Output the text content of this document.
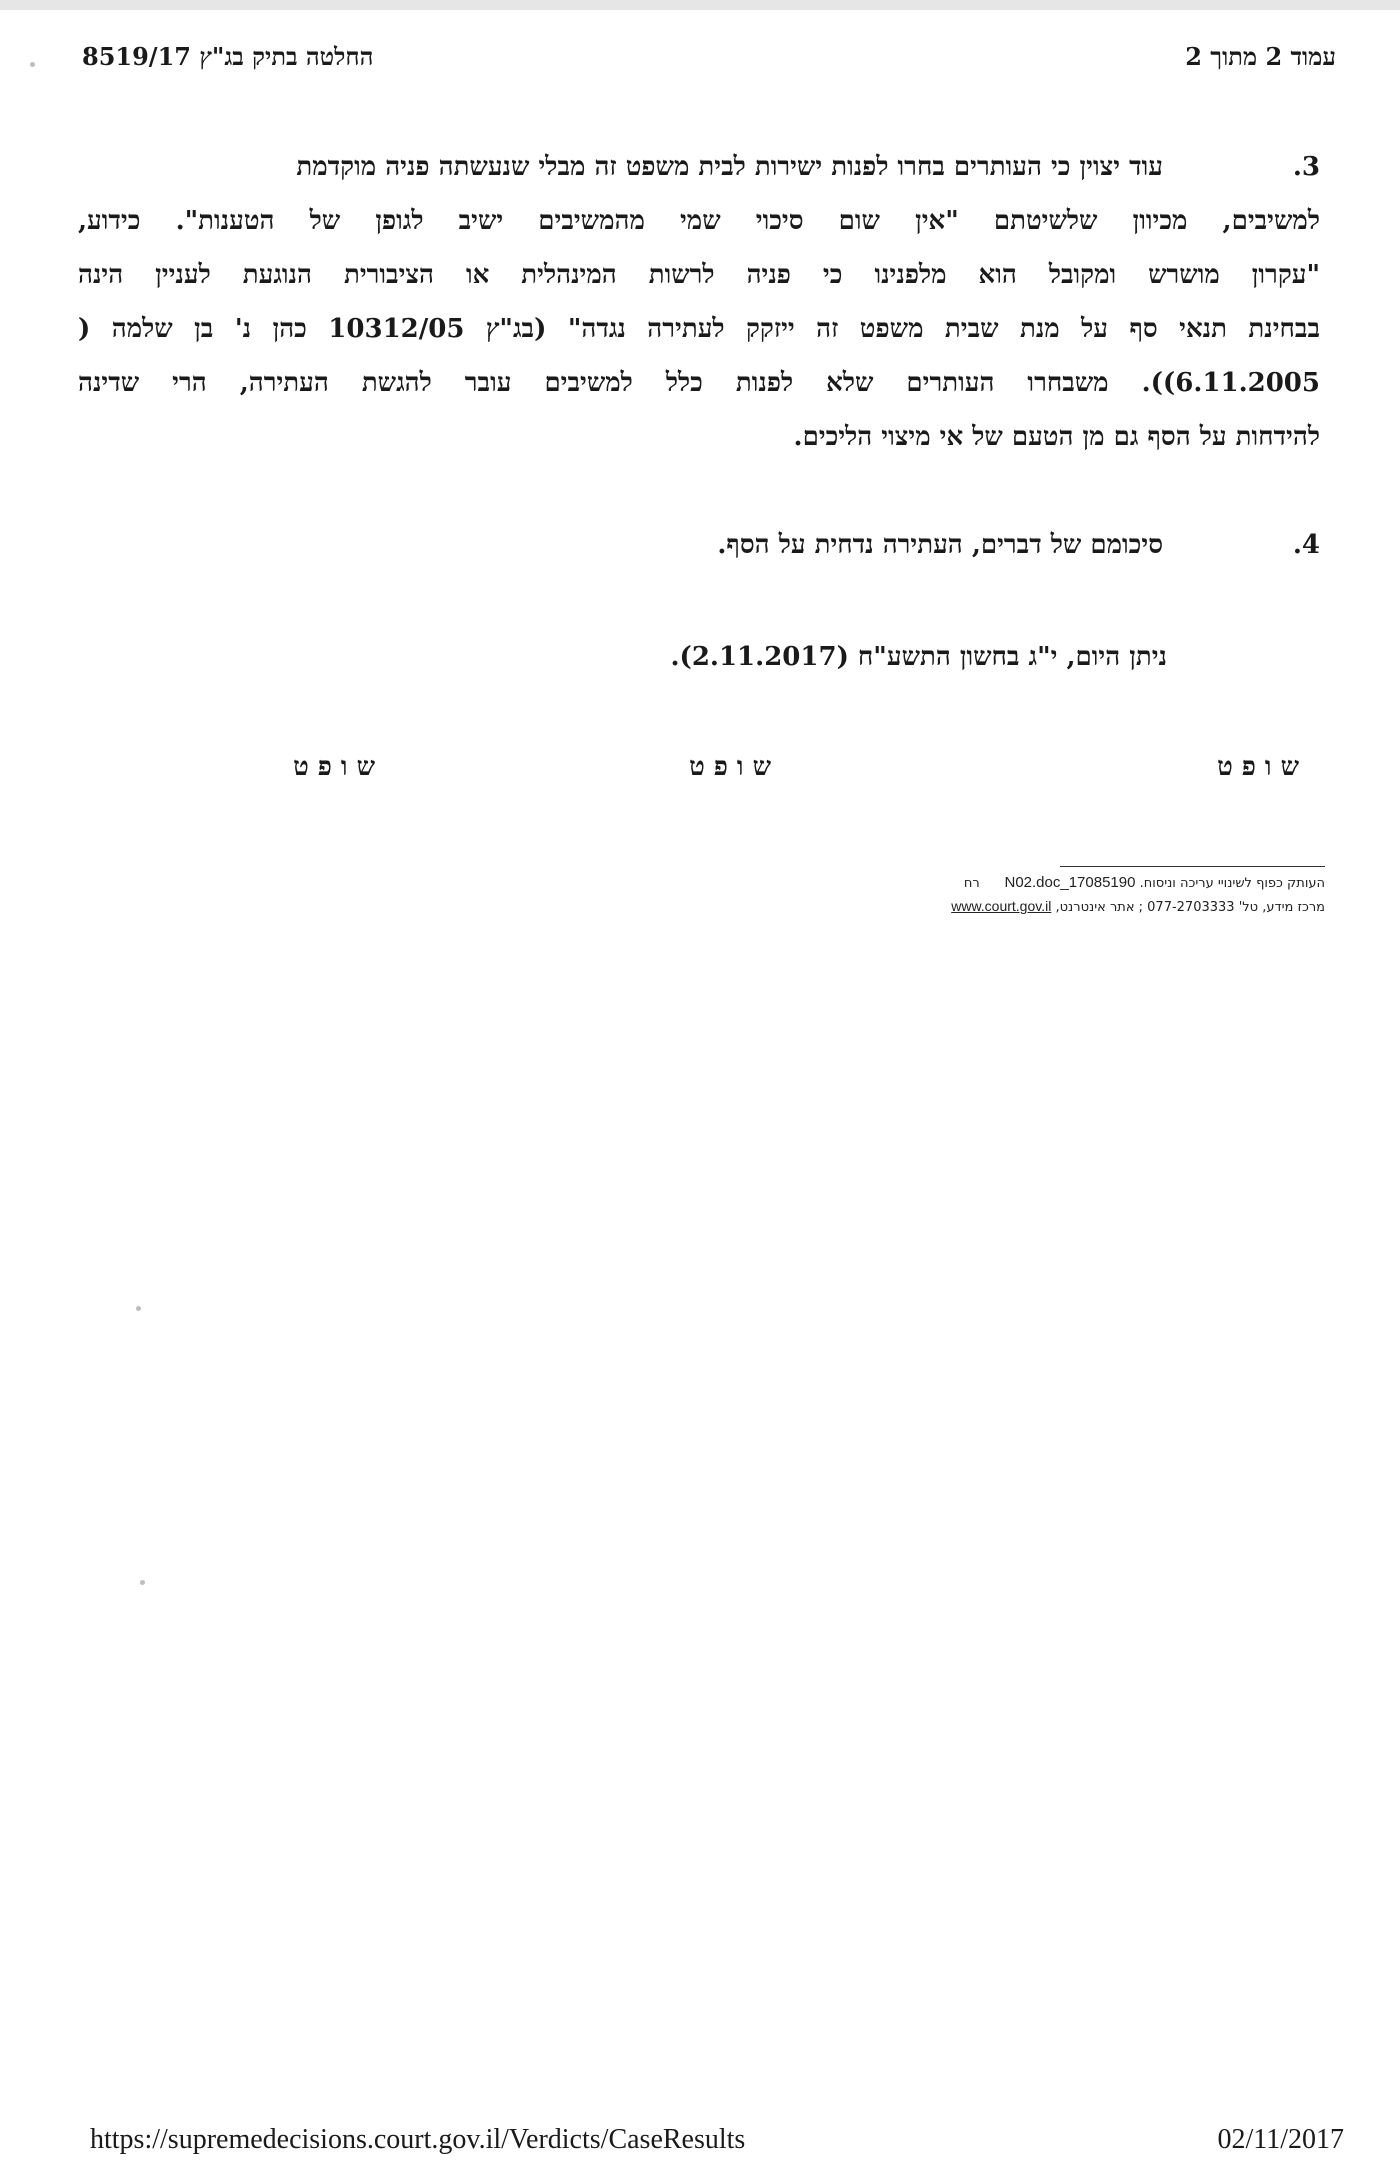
עמוד 2 מתוך 2
החלטה בתיק בג"ץ 8519/17
3.
עוד יצוין כי העותרים בחרו לפנות ישירות לבית משפט זה מבלי שנעשתה פניה מוקדמת
למשיבים, מכיוון שלשיטתם "אין שום סיכוי שמי מהמשיבים ישיב לגופן של הטענות". כידוע,
"עקרון מושרש ומקובל הוא מלפנינו כי פניה לרשות המינהלית או הציבורית הנוגעת לעניין הינה
בבחינת תנאי סף על מנת שבית משפט זה ייזקק לעתירה נגדה" (בג"ץ 10312/05 כהן נ' בן שלמה (
6.11.2005)). משבחרו העותרים שלא לפנות כלל למשיבים עובר להגשת העתירה, הרי שדינה
להידחות על הסף גם מן הטעם של אי מיצוי הליכים.
4.
סיכומם של דברים, העתירה נדחית על הסף.
ניתן היום, י"ג בחשון התשע"ח (2.11.2017).
שופט
שופט
שופט
העותק כפוף לשינויי עריכה וניסוח. 17085190_N02.doc      רח
מרכז מידע, טל' 077-2703333 ; אתר אינטרנט, www.court.gov.il
https://supremedecisions.court.gov.il/Verdicts/CaseResults	02/11/2017
